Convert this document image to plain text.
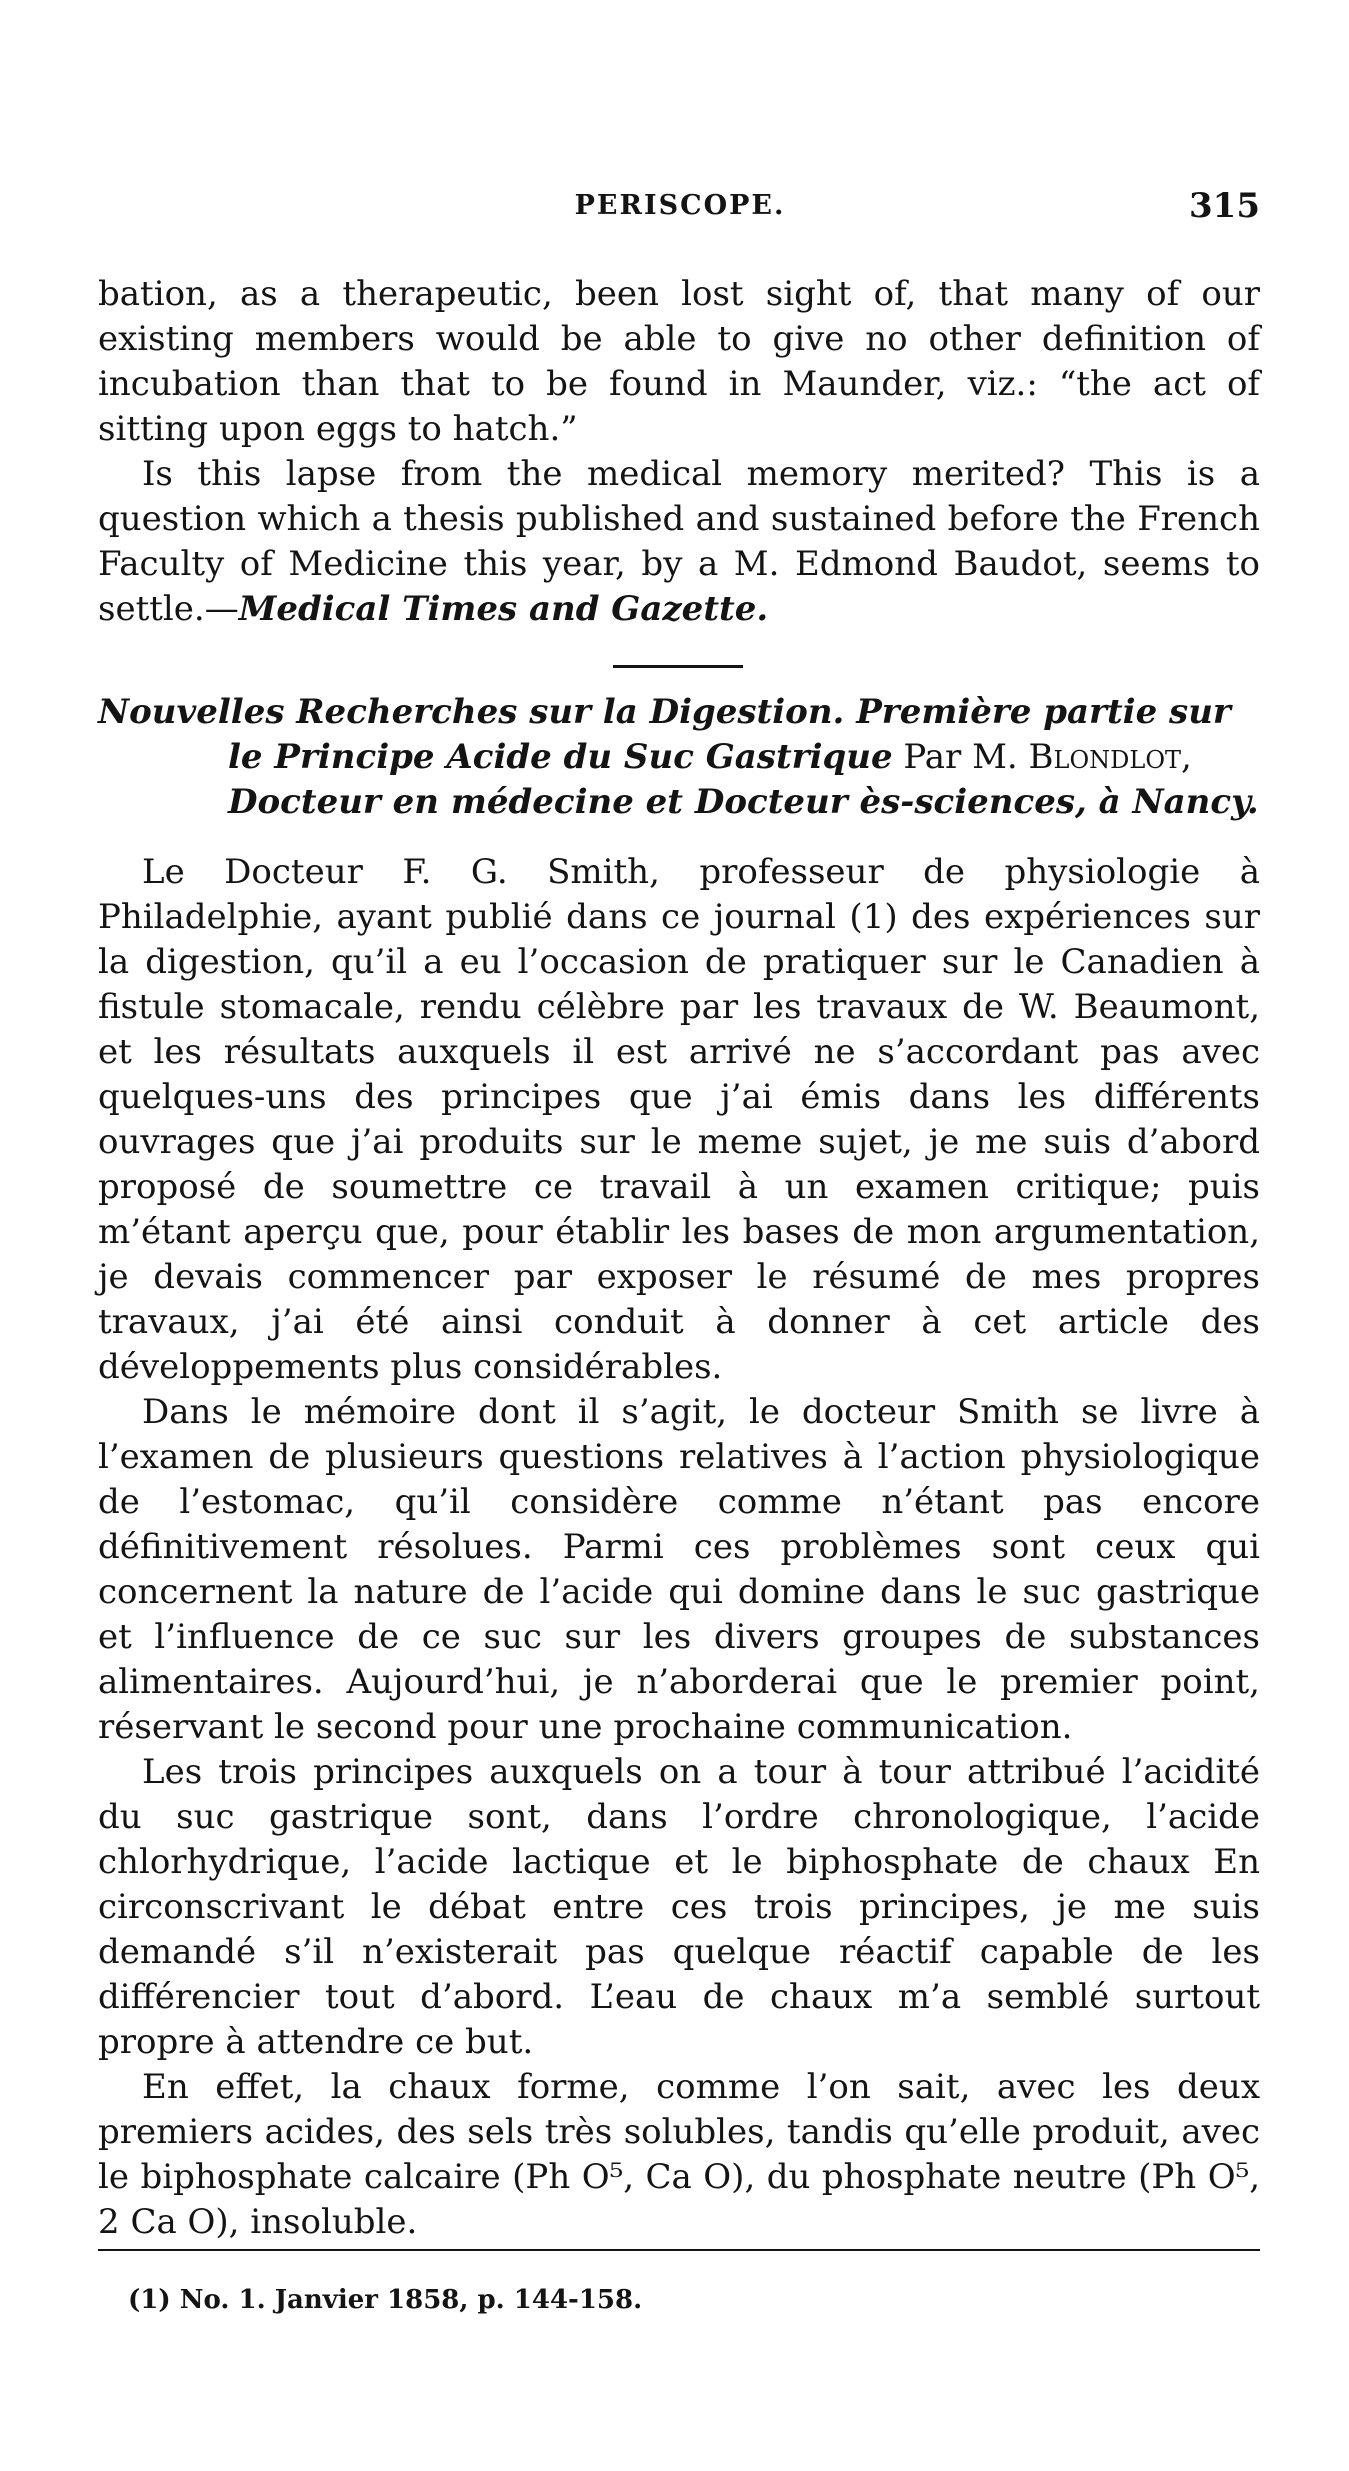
PERISCOPE.	315

bation, as a therapeutic, been lost sight of, that many of our existing members would be able to give no other definition of incubation than that to be found in Maunder, viz.: “the act of sitting upon eggs to hatch.”

Is this lapse from the medical memory merited? This is a question which a thesis published and sustained before the French Faculty of Medicine this year, by a M. Edmond Baudot, seems to settle.—Medical Times and Gazette.

Nouvelles Recherches sur la Digestion. Première partie sur le Principe Acide du Suc Gastrique Par M. Blondlot, Docteur en médecine et Docteur ès-sciences, à Nancy.

Le Docteur F. G. Smith, professeur de physiologie à Philadelphie, ayant publié dans ce journal (1) des expériences sur la digestion, qu’il a eu l’occasion de pratiquer sur le Canadien à fistule stomacale, rendu célèbre par les travaux de W. Beaumont, et les résultats auxquels il est arrivé ne s’accordant pas avec quelques-uns des principes que j’ai émis dans les différents ouvrages que j’ai produits sur le meme sujet, je me suis d’abord proposé de soumettre ce travail à un examen critique; puis m’étant aperçu que, pour établir les bases de mon argumentation, je devais commencer par exposer le résumé de mes propres travaux, j’ai été ainsi conduit à donner à cet article des développements plus considérables.

Dans le mémoire dont il s’agit, le docteur Smith se livre à l’examen de plusieurs questions relatives à l’action physiologique de l’estomac, qu’il considère comme n’étant pas encore définitivement résolues. Parmi ces problèmes sont ceux qui concernent la nature de l’acide qui domine dans le suc gastrique et l’influence de ce suc sur les divers groupes de substances alimentaires. Aujourd’hui, je n’aborderai que le premier point, réservant le second pour une prochaine communication.

Les trois principes auxquels on a tour à tour attribué l’acidité du suc gastrique sont, dans l’ordre chronologique, l’acide chlorhydrique, l’acide lactique et le biphosphate de chaux En circonscrivant le débat entre ces trois principes, je me suis demandé s’il n’existerait pas quelque réactif capable de les différencier tout d’abord. L’eau de chaux m’a semblé surtout propre à attendre ce but.

En effet, la chaux forme, comme l’on sait, avec les deux premiers acides, des sels très solubles, tandis qu’elle produit, avec le biphosphate calcaire (Ph O⁵, Ca O), du phosphate neutre (Ph O⁵, 2 Ca O), insoluble.

(1) No. 1. Janvier 1858, p. 144-158.
